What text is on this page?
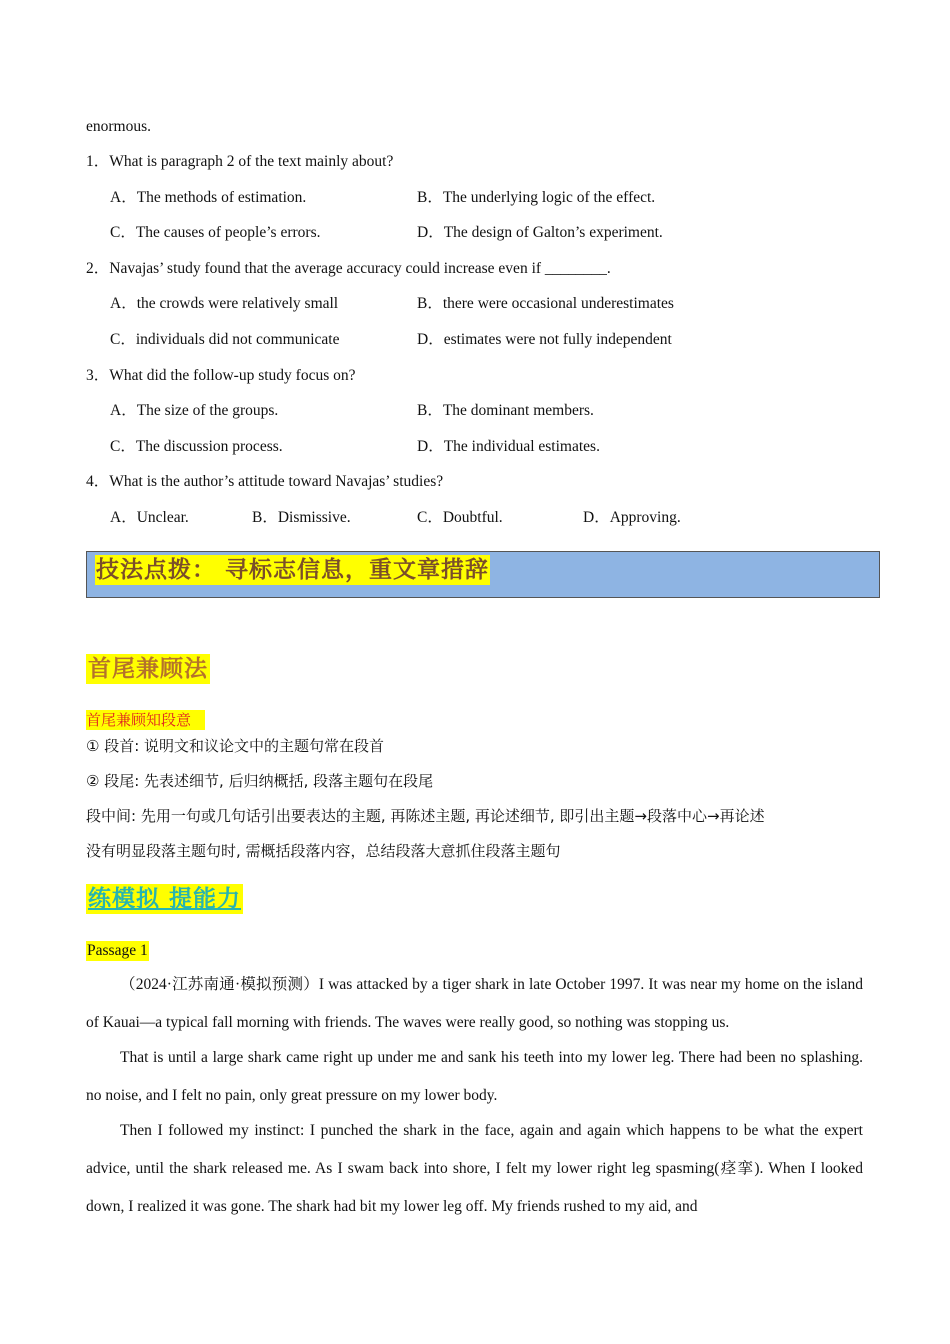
enormous.
1．What is paragraph 2 of the text mainly about?
A．The methods of estimation.	B．The underlying logic of the effect.
C．The causes of people’s errors.	D．The design of Galton’s experiment.
2．Navajas’ study found that the average accuracy could increase even if ________.
A．the crowds were relatively small	B．there were occasional underestimates
C．individuals did not communicate	D．estimates were not fully independent
3．What did the follow-up study focus on?
A．The size of the groups.	B．The dominant members.
C．The discussion process.	D．The individual estimates.
4．What is the author’s attitude toward Navajas’ studies?
A．Unclear.	B．Dismissive.	C．Doubtful.	D．Approving.
技法点拨： 寻标志信息，重文章措辞
首尾兼顾法
首尾兼顾知段意
① 段首: 说明文和议论文中的主题句常在段首
② 段尾: 先表述细节, 后归纳概括, 段落主题句在段尾
段中间: 先用一句或几句话引出要表达的主题, 再陈述主题, 再论述细节, 即引出主题→段落中心→再论述
没有明显段落主题句时, 需概括段落内容，总结段落大意抓住段落主题句
练模拟 提能力
Passage 1
（2024·江苏南通·模拟预测）I was attacked by a tiger shark in late October 1997. It was near my home on the island of Kauai—a typical fall morning with friends. The waves were really good, so nothing was stopping us.
That is until a large shark came right up under me and sank his teeth into my lower leg. There had been no splashing. no noise, and I felt no pain, only great pressure on my lower body.
Then I followed my instinct: I punched the shark in the face, again and again which happens to be what the expert advice, until the shark released me. As I swam back into shore, I felt my lower right leg spasming(痉挛). When I looked down, I realized it was gone. The shark had bit my lower leg off. My friends rushed to my aid, and
